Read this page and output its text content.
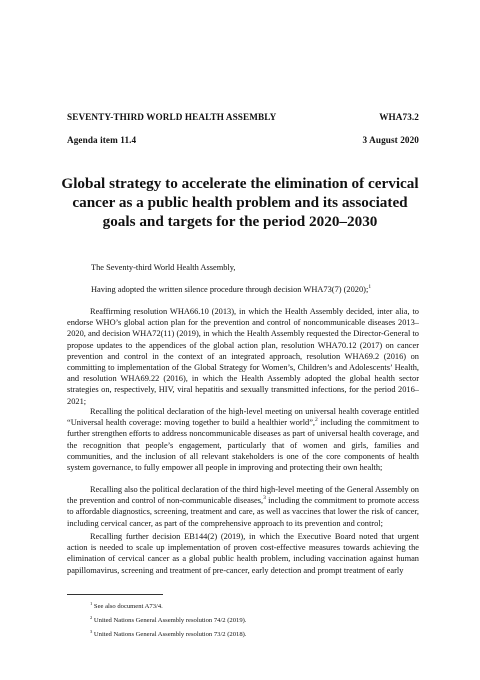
SEVENTY-THIRD WORLD HEALTH ASSEMBLY	WHA73.2
Agenda item 11.4	3 August 2020
Global strategy to accelerate the elimination of cervical cancer as a public health problem and its associated goals and targets for the period 2020–2030

The Seventy-third World Health Assembly,

Having adopted the written silence procedure through decision WHA73(7) (2020);$^1$

Reaffirming resolution WHA66.10 (2013), in which the Health Assembly decided, inter alia, to endorse WHO’s global action plan for the prevention and control of noncommunicable diseases 2013–2020, and decision WHA72(11) (2019), in which the Health Assembly requested the Director-General to propose updates to the appendices of the global action plan, resolution WHA70.12 (2017) on cancer prevention and control in the context of an integrated approach, resolution WHA69.2 (2016) on committing to implementation of the Global Strategy for Women’s, Children’s and Adolescents’ Health, and resolution WHA69.22 (2016), in which the Health Assembly adopted the global health sector strategies on, respectively, HIV, viral hepatitis and sexually transmitted infections, for the period 2016–2021;

Recalling the political declaration of the high-level meeting on universal health coverage entitled “Universal health coverage: moving together to build a healthier world”,$^2$ including the commitment to further strengthen efforts to address noncommunicable diseases as part of universal health coverage, and the recognition that people’s engagement, particularly that of women and girls, families and communities, and the inclusion of all relevant stakeholders is one of the core components of health system governance, to fully empower all people in improving and protecting their own health;

Recalling also the political declaration of the third high-level meeting of the General Assembly on the prevention and control of non-communicable diseases,$^3$ including the commitment to promote access to affordable diagnostics, screening, treatment and care, as well as vaccines that lower the risk of cancer, including cervical cancer, as part of the comprehensive approach to its prevention and control;

Recalling further decision EB144(2) (2019), in which the Executive Board noted that urgent action is needed to scale up implementation of proven cost-effective measures towards achieving the elimination of cervical cancer as a global public health problem, including vaccination against human papillomavirus, screening and treatment of pre-cancer, early detection and prompt treatment of early

$^1$ See also document A73/4.
$^2$ United Nations General Assembly resolution 74/2 (2019).
$^3$ United Nations General Assembly resolution 73/2 (2018).
